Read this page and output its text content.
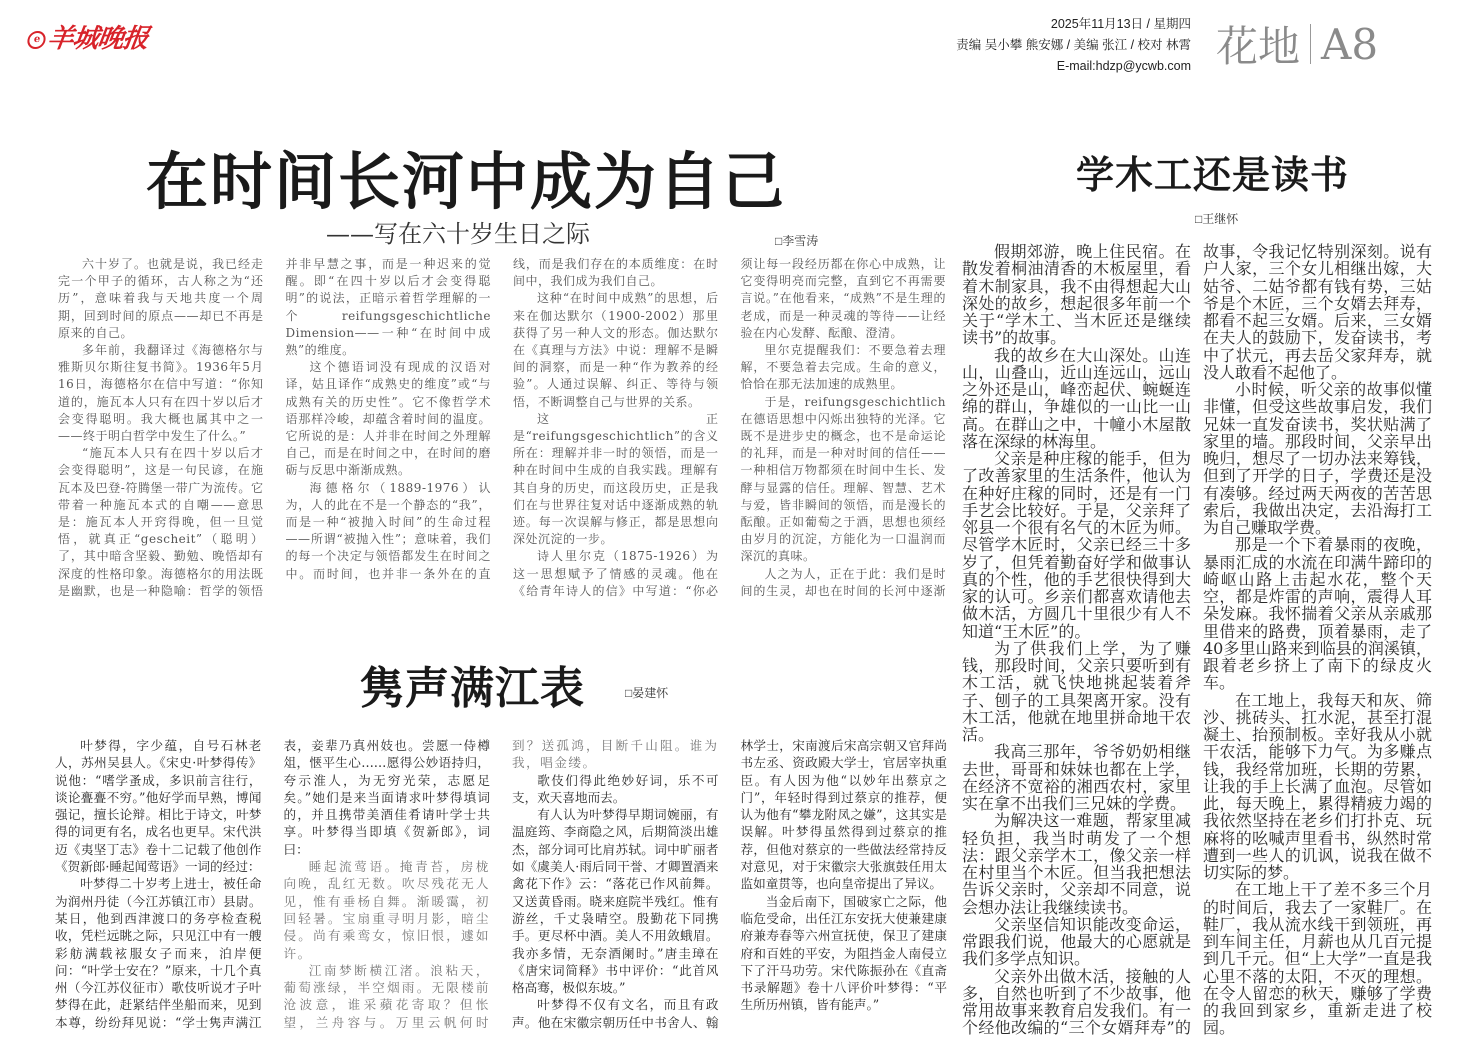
e 羊城晚报	2025年11月13日 / 星期四
责编 吴小攀 熊安娜 / 美编 张江 / 校对 林霄
E-mail:hdzp@ycwb.com 花地 A8
在时间长河中成为自己
——写在六十岁生日之际	□李雪涛

六十岁了。也就是说，我已经走完一个甲子的循环，古人称之为“还历”，意味着我与天地共度一个周期，回到时间的原点——却已不再是原来的自己。

多年前，我翻译过《海德格尔与雅斯贝尔斯往复书简》。1936年5月16日，海德格尔在信中写道：“你知道的，施瓦本人只有在四十岁以后才会变得聪明。我大概也属其中之一——终于明白哲学中发生了什么。”

“施瓦本人只有在四十岁以后才会变得聪明”，这是一句民谚，在施瓦本及巴登-符腾堡一带广为流传。它带着一种施瓦本式的自嘲——意思是：施瓦本人开窍得晚，但一旦觉悟，就真正“gescheit”（聪明）了，其中暗含坚毅、勤勉、晚悟却有深度的性格印象。海德格尔的用法既是幽默，也是一种隐喻：哲学的领悟并非早慧之事，而是一种迟来的觉醒。即“在四十岁以后才会变得聪明”的说法，正暗示着哲学理解的一个reifungsgeschichtliche Dimension——一种“在时间中成熟”的维度。

这个德语词没有现成的汉语对译，姑且译作“成熟史的维度”或“与成熟有关的历史性”。它不像哲学术语那样冷峻，却蕴含着时间的温度。它所说的是：人并非在时间之外理解自己，而是在时间之中，在时间的磨砺与反思中渐渐成熟。

海德格尔（1889-1976）认为，人的此在不是一个静态的“我”，而是一种“被抛入时间”的生命过程——所谓“被抛入性”；意味着，我们的每一个决定与领悟都发生在时间之中。而时间，也并非一条外在的直线，而是我们存在的本质维度：在时间中，我们成为我们自己。

这种“在时间中成熟”的思想，后来在伽达默尔（1900-2002）那里获得了另一种人文的形态。伽达默尔在《真理与方法》中说：理解不是瞬间的洞察，而是一种“作为教养的经验”。人通过误解、纠正、等待与领悟，不断调整自己与世界的关系。

这正是“reifungsgeschichtlich”的含义所在：理解并非一时的领悟，而是一种在时间中生成的自我实践。理解有其自身的历史，而这段历史，正是我们在与世界往复对话中逐渐成熟的轨迹。每一次误解与修正，都是思想向深处沉淀的一步。

诗人里尔克（1875-1926）为这一思想赋予了情感的灵魂。他在《给青年诗人的信》中写道：“你必须让每一段经历都在你心中成熟，让它变得明亮而完整，直到它不再需要言说。”在他看来，“成熟”不是生理的老成，而是一种灵魂的等待——让经验在内心发酵、酝酿、澄清。

里尔克提醒我们：不要急着去理解，不要急着去完成。生命的意义，恰恰在那无法加速的成熟里。

于是，reifungsgeschichtlich在德语思想中闪烁出独特的光泽。它既不是进步史的概念，也不是命运论的礼拜，而是一种对时间的信任——一种相信万物都须在时间中生长、发酵与显露的信任。理解、智慧、艺术与爱，皆非瞬间的领悟，而是漫长的酝酿。正如葡萄之于酒，思想也须经由岁月的沉淀，方能化为一口温润而深沉的真味。

人之为人，正在于此：我们是时间的生灵，却也在时间的长河中逐渐

隽声满江表	□晏建怀

叶梦得，字少蕴，自号石林老人，苏州吴县人。《宋史·叶梦得传》说他：“嗜学蚤成，多识前言往行，谈论亹亹不穷。”他好学而早熟，博闻强记，擅长论辩。相比于诗文，叶梦得的词更有名，成名也更早。宋代洪迈《夷坚丁志》卷十二记载了他创作《贺新郎·睡起闻莺语》一词的经过：

叶梦得二十岁考上进士，被任命为润州丹徒（今江苏镇江市）县尉。某日，他到西津渡口的务亭检查税收，凭栏远眺之际，只见江中有一艘彩舫满载袨服女子而来，泊岸便问：“叶学士安在？”原来，十几个真州（今江苏仪征市）歌伎听说才子叶梦得在此，赶紧结伴坐船而来，见到本尊，纷纷拜见说：“学士隽声满江表，妾辈乃真州妓也。尝愿一侍樽俎，惬平生心……愿得公妙语持归，夸示淮人，为无穷光荣，志愿足矣。”她们是来当面请求叶梦得填词的，并且携带美酒佳肴请叶学士共享。叶梦得当即填《贺新郎》，词曰：

睡起流莺语。掩青苔，房栊向晚，乱红无数。吹尽残花无人见，惟有垂杨自舞。渐暖霭，初回轻暑。宝扇重寻明月影，暗尘侵。尚有乘鸾女，惊旧恨，遽如许。

江南梦断横江渚。浪粘天，葡萄涨绿，半空烟雨。无限楼前沧波意，谁采蘋花寄取？但怅望，兰舟容与。万里云帆何时到？送孤鸿，目断千山阻。谁为我，唱金缕。

歌伎们得此绝妙好词，乐不可支，欢天喜地而去。

有人认为叶梦得早期词婉丽，有温庭筠、李商隐之风，后期简淡出雄杰，部分词可比肩苏轼。词中旷丽者如《虞美人·雨后同干誉、才卿置酒来禽花下作》云：“落花已作风前舞。又送黄昏雨。晓来庭院半残红。惟有游丝，千丈袅晴空。殷勤花下同携手。更尽杯中酒。美人不用敛蛾眉。我亦多情，无奈酒阑时。”唐圭璋在《唐宋词简释》书中评价：“此首风格高骞，极似东坡。”

叶梦得不仅有文名，而且有政声。他在宋徽宗朝历任中书舍人、翰林学士，宋南渡后宋高宗朝又官拜尚书左丞、资政殿大学士，官居宰执重臣。有人因为他“以妙年出蔡京之门”，年轻时得到过蔡京的推荐，便认为他有“攀龙附凤之嫌”，这其实是误解。叶梦得虽然得到过蔡京的推荐，但他对蔡京的一些做法经常持反对意见，对于宋徽宗大张旗鼓任用太监如童贯等，也向皇帝提出了异议。

当金后南下，国破家亡之际，他临危受命，出任江东安抚大使兼建康府兼寿春等六州宣抚使，保卫了建康府和百姓的平安，为阻挡金人南侵立下了汗马功劳。宋代陈振孙在《直斋书录解题》卷十八评价叶梦得：“平生所历州镇，皆有能声。”

学木工还是读书
□王继怀

假期郊游，晚上住民宿。在散发着桐油清香的木板屋里，看着木制家具，我不由得想起大山深处的故乡，想起很多年前一个关于“学木工、当木匠还是继续读书”的故事。

我的故乡在大山深处。山连山，山叠山，近山连远山，远山之外还是山，峰峦起伏、蜿蜒连绵的群山，争雄似的一山比一山高。在群山之中，十幢小木屋散落在深绿的林海里。

父亲是种庄稼的能手，但为了改善家里的生活条件，他认为在种好庄稼的同时，还是有一门手艺会比较好。于是，父亲拜了邻县一个很有名气的木匠为师。尽管学木匠时，父亲已经三十多岁了，但凭着勤奋好学和做事认真的个性，他的手艺很快得到大家的认可。乡亲们都喜欢请他去做木活，方圆几十里很少有人不知道“王木匠”的。

为了供我们上学，为了赚钱，那段时间，父亲只要听到有木工活，就飞快地挑起装着斧子、刨子的工具架离开家。没有木工活，他就在地里拼命地干农活。

我高三那年，爷爷奶奶相继去世，哥哥和妹妹也都在上学，在经济不宽裕的湘西农村，家里实在拿不出我们三兄妹的学费。

为解决这一难题，帮家里减轻负担，我当时萌发了一个想法：跟父亲学木工，像父亲一样在村里当个木匠。但当我把想法告诉父亲时，父亲却不同意，说会想办法让我继续读书。

父亲坚信知识能改变命运，常跟我们说，他最大的心愿就是我们多学点知识。

父亲外出做木活，接触的人多，自然也听到了不少故事，他常用故事来教育启发我们。有一个经他改编的“三个女婿拜寿”的故事，令我记忆特别深刻。说有户人家，三个女儿相继出嫁，大姑爷、二姑爷都有钱有势，三姑爷是个木匠，三个女婿去拜寿，都看不起三女婿。后来，三女婿在夫人的鼓励下，发奋读书，考中了状元，再去岳父家拜寿，就没人敢看不起他了。

小时候，听父亲的故事似懂非懂，但受这些故事启发，我们兄妹一直发奋读书，奖状贴满了家里的墙。那段时间，父亲早出晚归，想尽了一切办法来筹钱，但到了开学的日子，学费还是没有凑够。经过两天两夜的苦苦思索后，我做出决定，去沿海打工为自己赚取学费。

那是一个下着暴雨的夜晚，暴雨汇成的水流在印满牛蹄印的崎岖山路上击起水花，整个天空，都是炸雷的声响，震得人耳朵发麻。我怀揣着父亲从亲戚那里借来的路费，顶着暴雨，走了40多里山路来到临县的润溪镇，跟着老乡挤上了南下的绿皮火车。

在工地上，我每天和灰、筛沙、挑砖头、扛水泥，甚至打混凝土、抬预制板。幸好我从小就干农活，能够下力气。为多赚点钱，我经常加班，长期的劳累，让我的手上长满了血泡。尽管如此，每天晚上，累得精疲力竭的我依然坚持在老乡们打扑克、玩麻将的吆喊声里看书，纵然时常遭到一些人的讥讽，说我在做不切实际的梦。

在工地上干了差不多三个月的时间后，我去了一家鞋厂。在鞋厂，我从流水线干到领班，再到车间主任，月薪也从几百元提到几千元。但“上大学”一直是我心里不落的太阳，不灭的理想。在令人留恋的秋天，赚够了学费的我回到家乡，重新走进了校园。
